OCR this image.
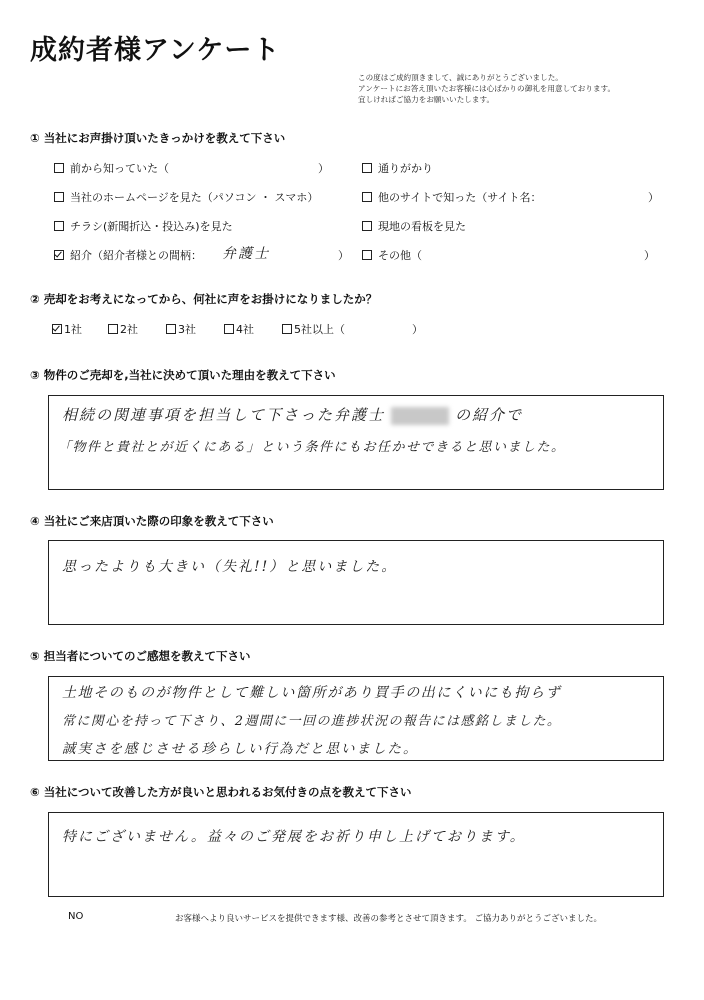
成約者様アンケート
この度はご成約頂きまして、誠にありがとうございました。
アンケートにお答え頂いたお客様には心ばかりの御礼を用意しております。
宜しければご協力をお願いいたします。
① 当社にお声掛け頂いたきっかけを教えて下さい
前から知っていた（	）	通りがかり
当社のホームページを見た（パソコン ・ スマホ）	他のサイトで知った（サイト名：	）
チラシ(新聞折込・投込み)を見た	現地の看板を見た
紹介（紹介者様との間柄： 弁護士	）	その他（	）
② 売却をお考えになってから、何社に声をお掛けになりましたか？
1社	2社	3社	4社	5社以上（	）
③ 物件のご売却を,当社に決めて頂いた理由を教えて下さい
相続の関連事項を担当して下さった弁護士	の紹介で
「物件と貴社とが近くにある」という条件にもお任かせできると思いました。
④ 当社にご来店頂いた際の印象を教えて下さい
思ったよりも大きい（失礼!!）と思いました。
⑤ 担当者についてのご感想を教えて下さい
土地そのものが物件として難しい箇所があり買手の出にくいにも拘らず
常に関心を持って下さり、2週間に一回の進捗状況の報告には感銘しました。
誠実さを感じさせる珍らしい行為だと思いました。
⑥ 当社について改善した方が良いと思われるお気付きの点を教えて下さい
特にございません。益々のご発展をお祈り申し上げております。
NO	お客様へより良いサービスを提供できます様、改善の参考とさせて頂きます。 ご協力ありがとうございました。
